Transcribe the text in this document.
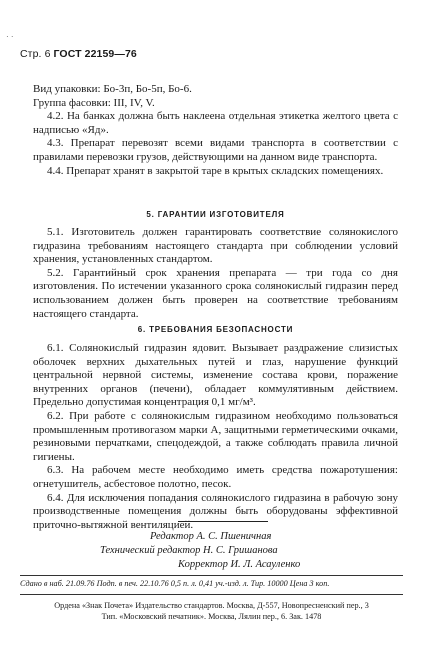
· ·
Стр. 6 ГОСТ 22159—76

Вид упаковки: Бо-3п, Бо-5п, Бо-6.

Группа фасовки: III, IV, V.

4.2. На банках должна быть наклеена отдельная этикетка желтого цвета с надписью «Яд».

4.3. Препарат перевозят всеми видами транспорта в соответствии с правилами перевозки грузов, действующими на данном виде транспорта.

4.4. Препарат хранят в закрытой таре в крытых складских помещениях.

5. ГАРАНТИИ ИЗГОТОВИТЕЛЯ

5.1. Изготовитель должен гарантировать соответствие солянокислого гидразина требованиям настоящего стандарта при соблюдении условий хранения, установленных стандартом.

5.2. Гарантийный срок хранения препарата — три года со дня изготовления. По истечении указанного срока солянокислый гидразин перед использованием должен быть проверен на соответствие требованиям настоящего стандарта.

6. ТРЕБОВАНИЯ БЕЗОПАСНОСТИ

6.1. Солянокислый гидразин ядовит. Вызывает раздражение слизистых оболочек верхних дыхательных путей и глаз, нарушение функций центральной нервной системы, изменение состава крови, поражение внутренних органов (печени), обладает коммулятивным действием. Предельно допустимая концентрация 0,1 мг/м³.

6.2. При работе с солянокислым гидразином необходимо пользоваться промышленным противогазом марки А, защитными герметическими очками, резиновыми перчатками, спецодеждой, а также соблюдать правила личной гигиены.

6.3. На рабочем месте необходимо иметь средства пожаротушения: огнетушитель, асбестовое полотно, песок.

6.4. Для исключения попадания солянокислого гидразина в рабочую зону производственные помещения должны быть оборудованы эффективной приточно-вытяжной вентиляцией.

Редактор А. С. Пшеничная
Технический редактор Н. С. Гришанова
Корректор И. Л. Асауленко
Сдано в наб. 21.09.76 Подп. в печ. 22.10.76 0,5 п. л. 0,41 уч.-изд. л. Тир. 10000 Цена 3 коп.
Ордена «Знак Почета» Издательство стандартов. Москва, Д-557, Новопресненский пер., 3
Тип. «Московский печатник». Москва, Лялин пер., 6. Зак. 1478
